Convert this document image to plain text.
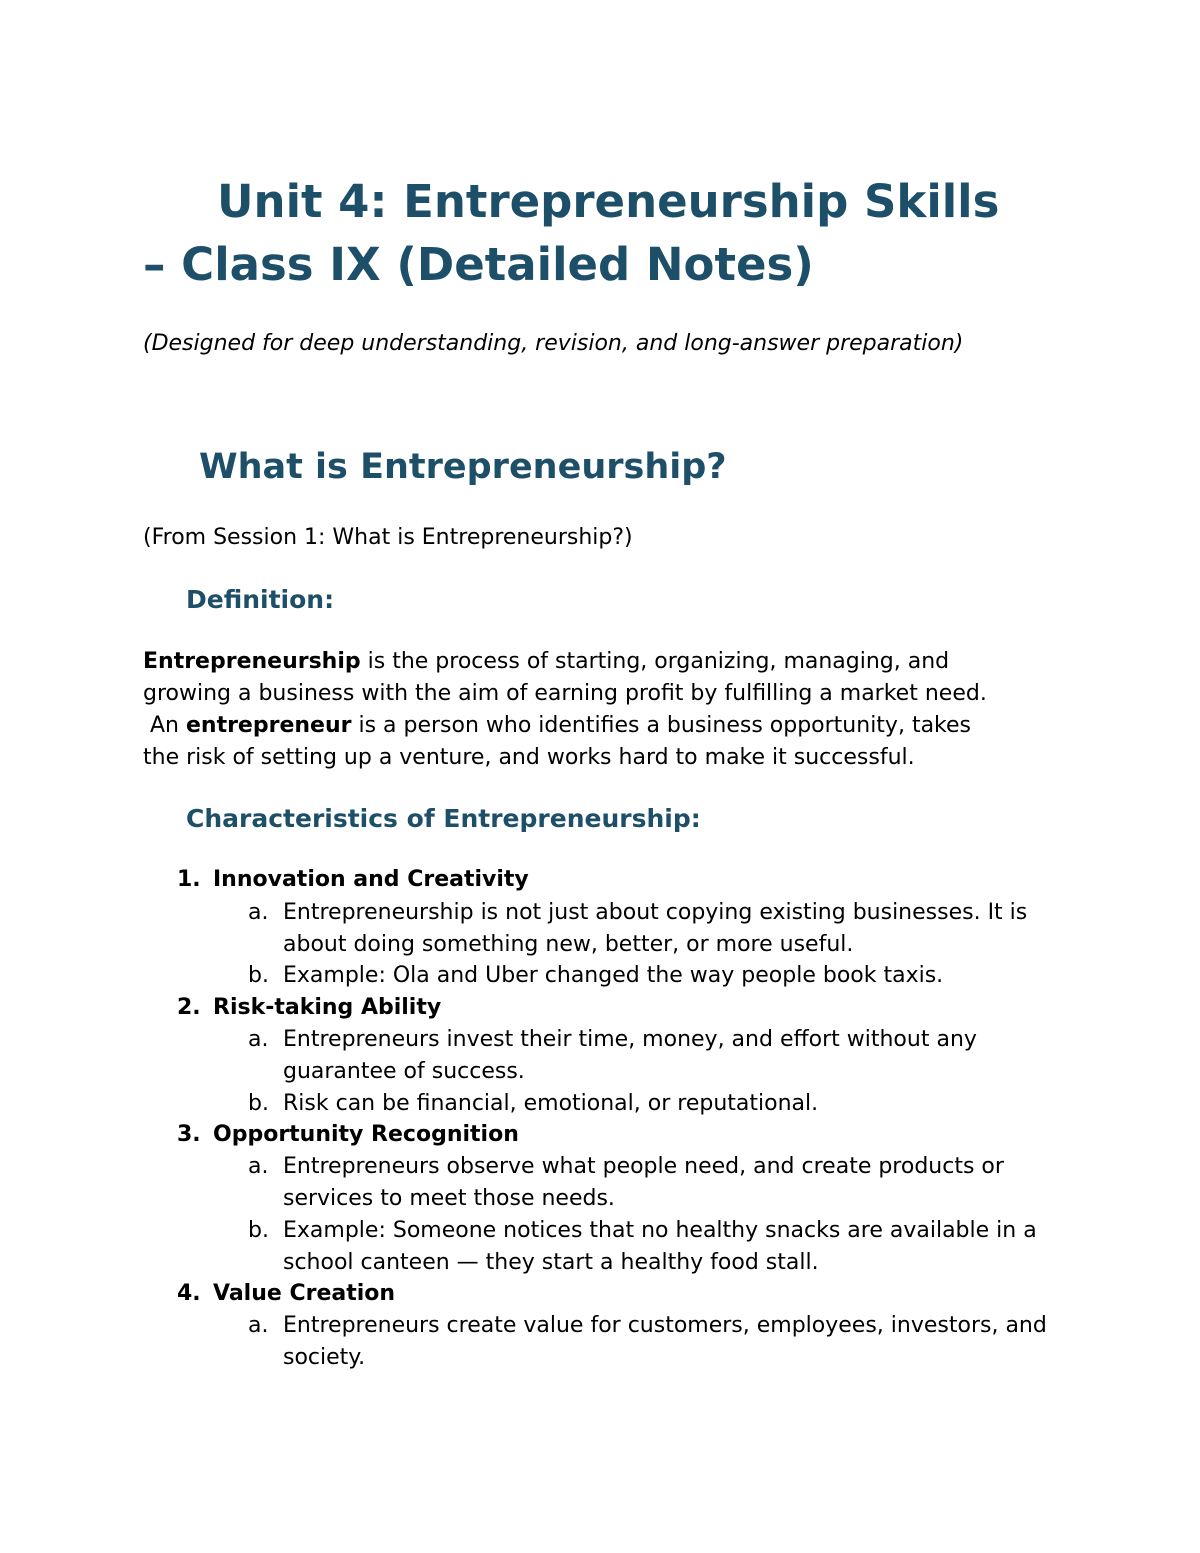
Unit 4: Entrepreneurship Skills
– Class IX (Detailed Notes)

(Designed for deep understanding, revision, and long-answer preparation)

What is Entrepreneurship?

(From Session 1: What is Entrepreneurship?)

Definition:

Entrepreneurship is the process of starting, organizing, managing, and
growing a business with the aim of earning profit by fulfilling a market need.
An entrepreneur is a person who identifies a business opportunity, takes
the risk of setting up a venture, and works hard to make it successful.

Characteristics of Entrepreneurship:

1. Innovation and Creativity

a. Entrepreneurship is not just about copying existing businesses. It is about doing something new, better, or more useful.

b. Example: Ola and Uber changed the way people book taxis.

2. Risk-taking Ability

a. Entrepreneurs invest their time, money, and effort without any guarantee of success.

b. Risk can be financial, emotional, or reputational.

3. Opportunity Recognition

a. Entrepreneurs observe what people need, and create products or services to meet those needs.

b. Example: Someone notices that no healthy snacks are available in a school canteen — they start a healthy food stall.

4. Value Creation

a. Entrepreneurs create value for customers, employees, investors, and society.
